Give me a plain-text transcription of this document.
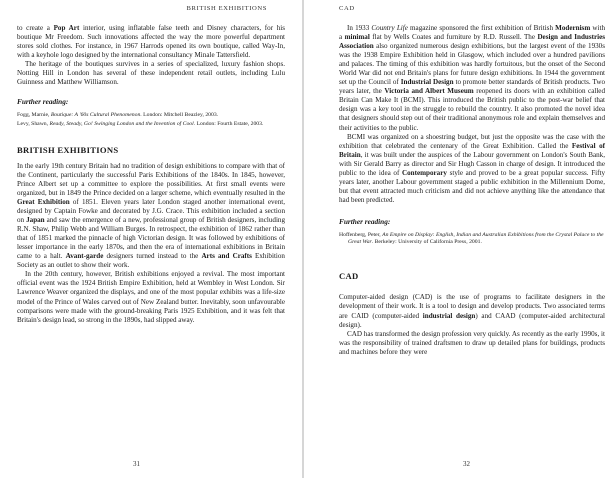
BRITISH EXHIBITIONS

to create a Pop Art interior, using inflatable false teeth and Disney characters, for his boutique Mr Freedom. Such innovations affected the way the more powerful department stores sold clothes. For instance, in 1967 Harrods opened its own boutique, called Way-In, with a keyhole logo designed by the international consultancy Minale Tattersfield.

The heritage of the boutiques survives in a series of specialized, luxury fashion shops. Notting Hill in London has several of these independent retail outlets, including Lulu Guinness and Matthew Williamson.

Further reading:
Fogg, Marnie, Boutique: A '60s Cultural Phenomenon. London: Mitchell Beazley, 2003.
Levy, Shawn, Ready, Steady, Go! Swinging London and the Invention of Cool. London: Fourth Estate, 2003.
BRITISH EXHIBITIONS

In the early 19th century Britain had no tradition of design exhibitions to compare with that of the Continent, particularly the successful Paris Exhibitions of the 1840s. In 1845, however, Prince Albert set up a committee to explore the possibilities. At first small events were organized, but in 1849 the Prince decided on a larger scheme, which eventually resulted in the Great Exhibition of 1851. Eleven years later London staged another international event, designed by Captain Fowke and decorated by J.G. Crace. This exhibition included a section on Japan and saw the emergence of a new, professional group of British designers, including R.N. Shaw, Philip Webb and William Burges. In retrospect, the exhibition of 1862 rather than that of 1851 marked the pinnacle of high Victorian design. It was followed by exhibitions of lesser importance in the early 1870s, and then the era of international exhibitions in Britain came to a halt. Avant-garde designers turned instead to the Arts and Crafts Exhibition Society as an outlet to show their work.

In the 20th century, however, British exhibitions enjoyed a revival. The most important official event was the 1924 British Empire Exhibition, held at Wembley in West London. Sir Lawrence Weaver organized the displays, and one of the most popular exhibits was a life-size model of the Prince of Wales carved out of New Zealand butter. Inevitably, soon unfavourable comparisons were made with the ground-breaking Paris 1925 Exhibition, and it was felt that Britain's design lead, so strong in the 1890s, had slipped away.

31
CAD

In 1933 Country Life magazine sponsored the first exhibition of British Modernism with a minimal flat by Wells Coates and furniture by R.D. Russell. The Design and Industries Association also organized numerous design exhibitions, but the largest event of the 1930s was the 1938 Empire Exhibition held in Glasgow, which included over a hundred pavilions and palaces. The timing of this exhibition was hardly fortuitous, but the onset of the Second World War did not end Britain's plans for future design exhibitions. In 1944 the government set up the Council of Industrial Design to promote better standards of British products. Two years later, the Victoria and Albert Museum reopened its doors with an exhibition called Britain Can Make It (BCMI). This introduced the British public to the post-war belief that design was a key tool in the struggle to rebuild the country. It also promoted the novel idea that designers should step out of their traditional anonymous role and explain themselves and their activities to the public.

BCMI was organized on a shoestring budget, but just the opposite was the case with the exhibition that celebrated the centenary of the Great Exhibition. Called the Festival of Britain, it was built under the auspices of the Labour government on London's South Bank, with Sir Gerald Barry as director and Sir Hugh Casson in charge of design. It introduced the public to the idea of Contemporary style and proved to be a great popular success. Fifty years later, another Labour government staged a public exhibition in the Millennium Dome, but that event attracted much criticism and did not achieve anything like the attendance that had been predicted.

Further reading:
Hoffenberg, Peter, An Empire on Display: English, Indian and Australian Exhibitions from the Crystal Palace to the Great War. Berkeley: University of California Press, 2001.
CAD

Computer-aided design (CAD) is the use of programs to facilitate designers in the development of their work. It is a tool to design and develop products. Two associated terms are CAID (computer-aided industrial design) and CAAD (computer-aided architectural design).

CAD has transformed the design profession very quickly. As recently as the early 1990s, it was the responsibility of trained draftsmen to draw up detailed plans for buildings, products and machines before they were

32
